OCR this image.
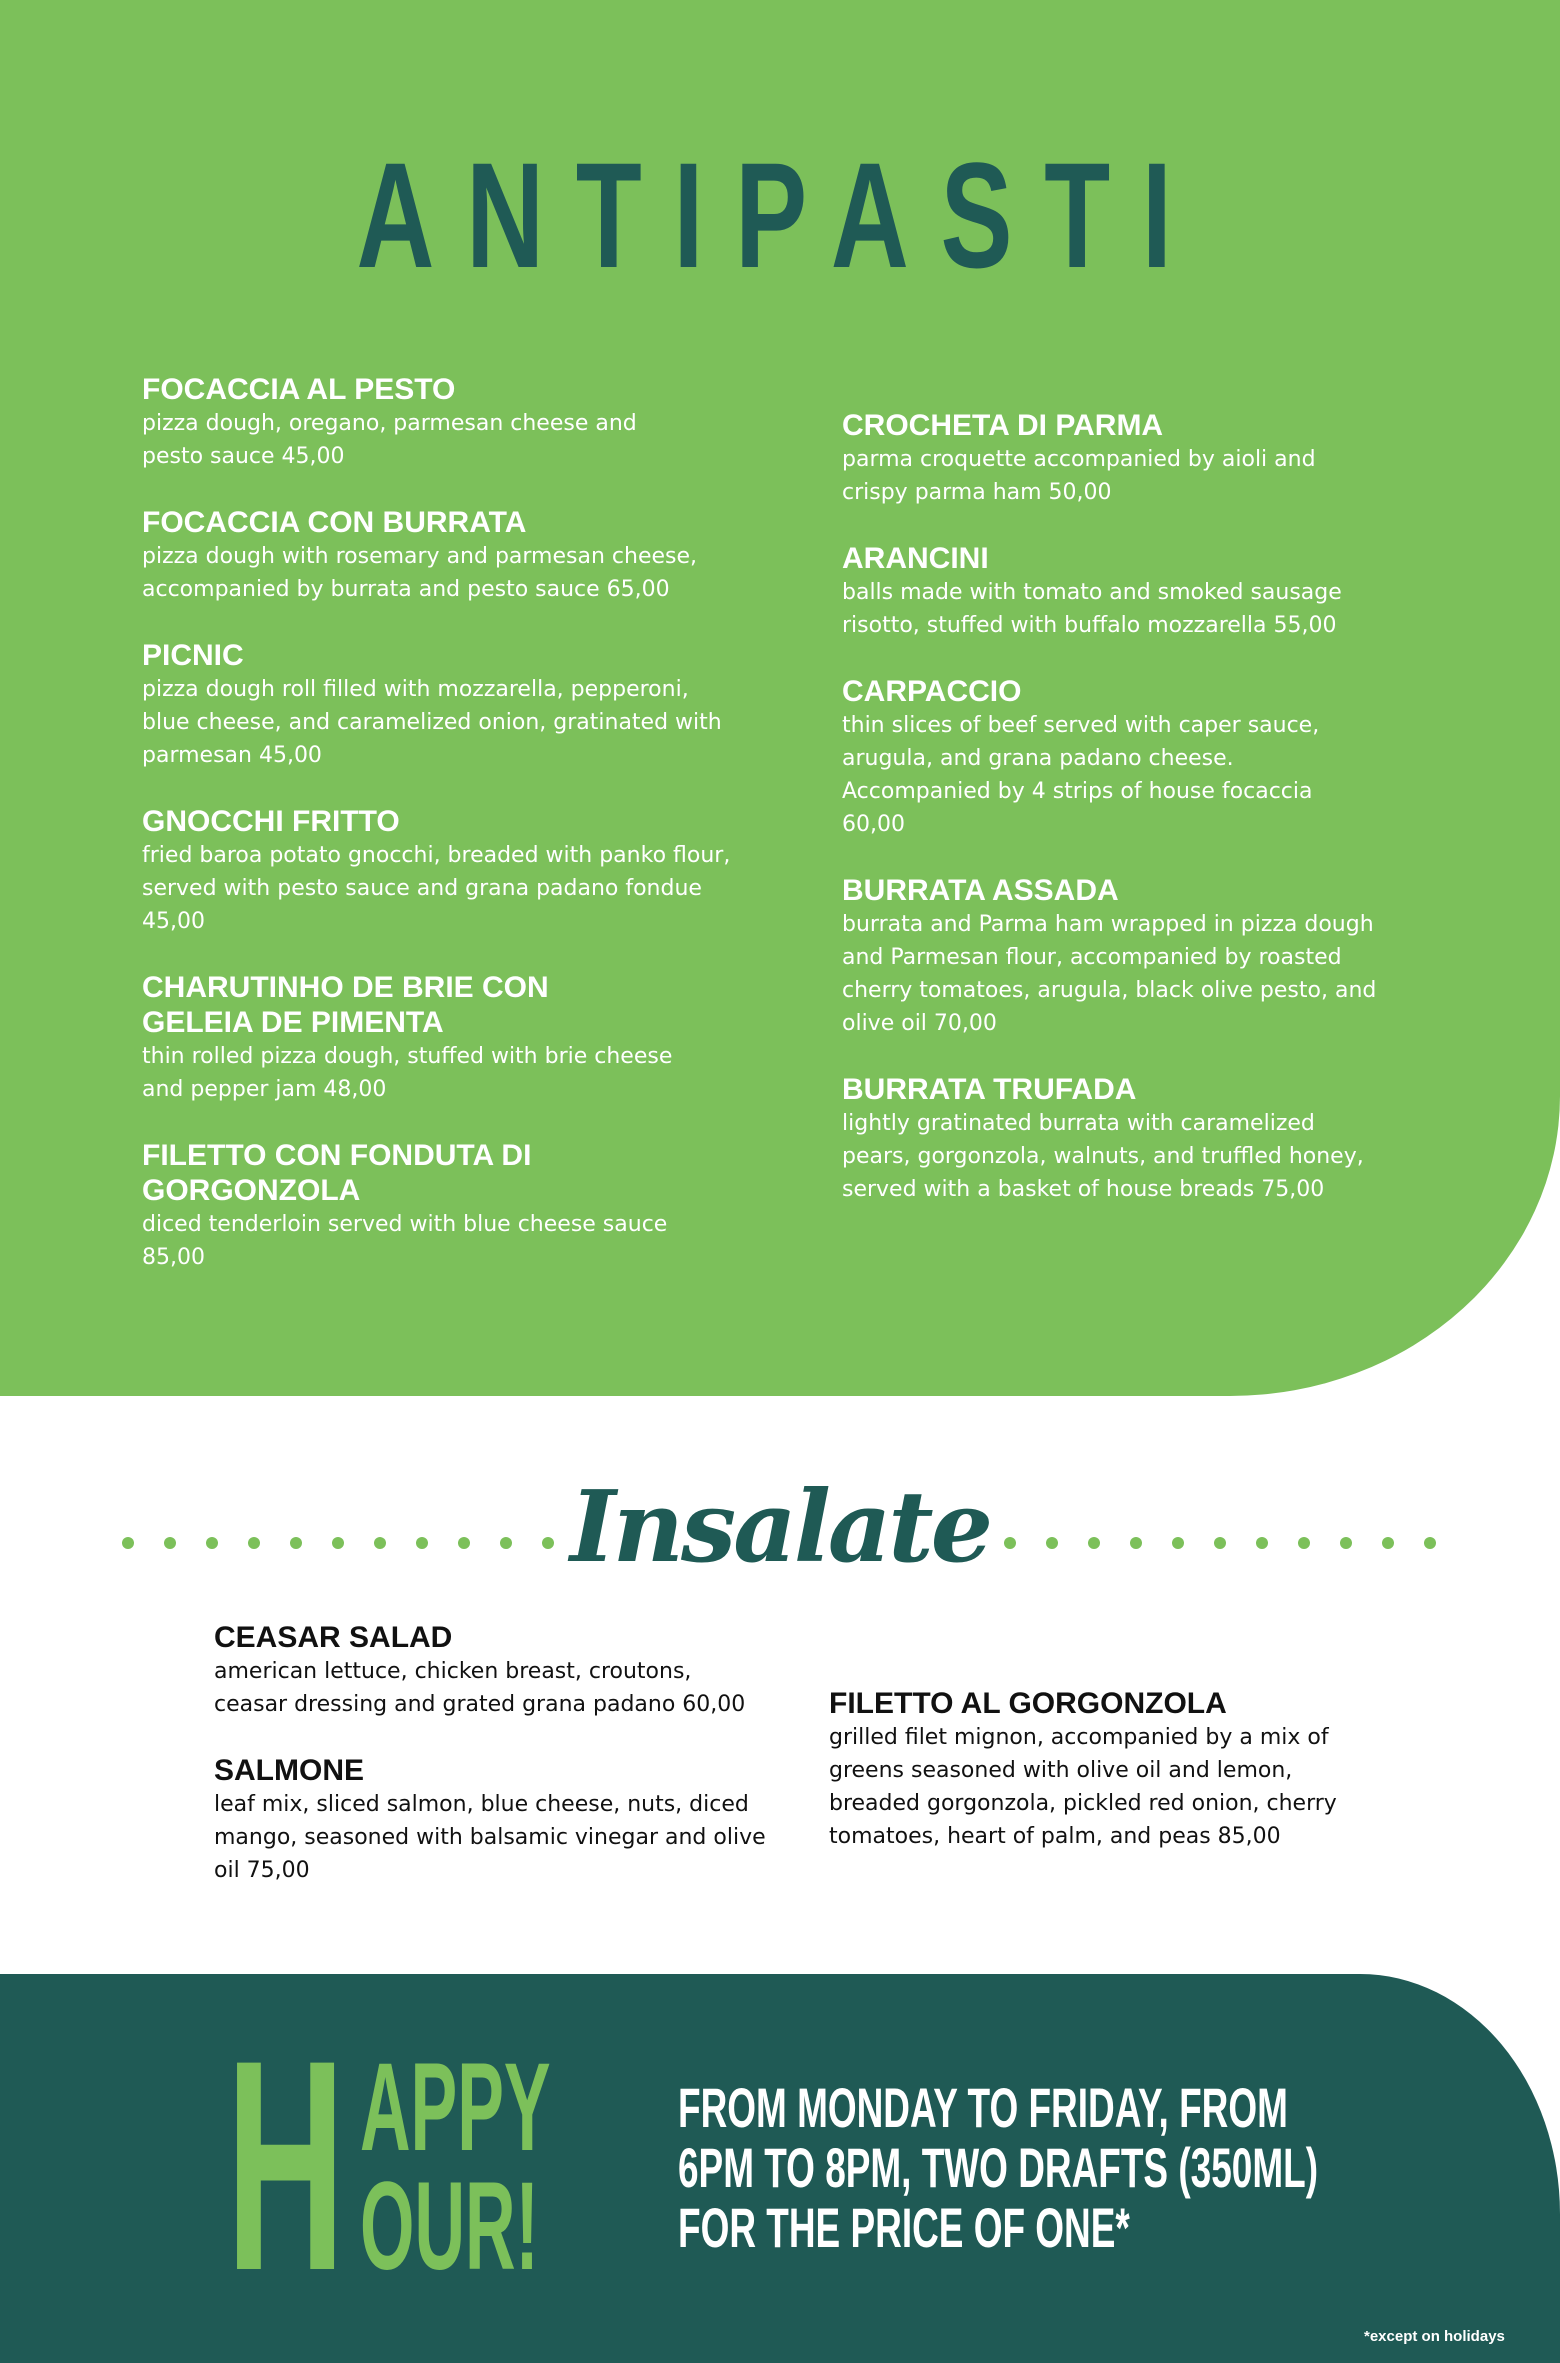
ANTIPASTI
FOCACCIA AL PESTO
pizza dough, oregano, parmesan cheese and pesto sauce 45,00
FOCACCIA CON BURRATA
pizza dough with rosemary and parmesan cheese, accompanied by burrata and pesto sauce 65,00
PICNIC
pizza dough roll filled with mozzarella, pepperoni, blue cheese, and caramelized onion, gratinated with parmesan 45,00
GNOCCHI FRITTO
fried baroa potato gnocchi, breaded with panko flour, served with pesto sauce and grana padano fondue 45,00
CHARUTINHO DE BRIE CON GELEIA DE PIMENTA
thin rolled pizza dough, stuffed with brie cheese and pepper jam 48,00
FILETTO CON FONDUTA DI GORGONZOLA
diced tenderloin served with blue cheese sauce 85,00
CROCHETA DI PARMA
parma croquette accompanied by aioli and crispy parma ham 50,00
ARANCINI
balls made with tomato and smoked sausage risotto, stuffed with buffalo mozzarella 55,00
CARPACCIO
thin slices of beef served with caper sauce, arugula, and grana padano cheese. Accompanied by 4 strips of house focaccia 60,00
BURRATA ASSADA
burrata and Parma ham wrapped in pizza dough and Parmesan flour, accompanied by roasted cherry tomatoes, arugula, black olive pesto, and olive oil 70,00
BURRATA TRUFADA
lightly gratinated burrata with caramelized pears, gorgonzola, walnuts, and truffled honey, served with a basket of house breads 75,00
Insalate
CEASAR SALAD
american lettuce, chicken breast, croutons, ceasar dressing and grated grana padano 60,00
SALMONE
leaf mix, sliced salmon, blue cheese, nuts, diced mango, seasoned with balsamic vinegar and olive oil 75,00
FILETTO AL GORGONZOLA
grilled filet mignon, accompanied by a mix of greens seasoned with olive oil and lemon, breaded gorgonzola, pickled red onion, cherry tomatoes, heart of palm, and peas 85,00
H APPY
OUR!
FROM MONDAY TO FRIDAY, FROM
6PM TO 8PM, TWO DRAFTS (350ML)
FOR THE PRICE OF ONE*
*except on holidays
